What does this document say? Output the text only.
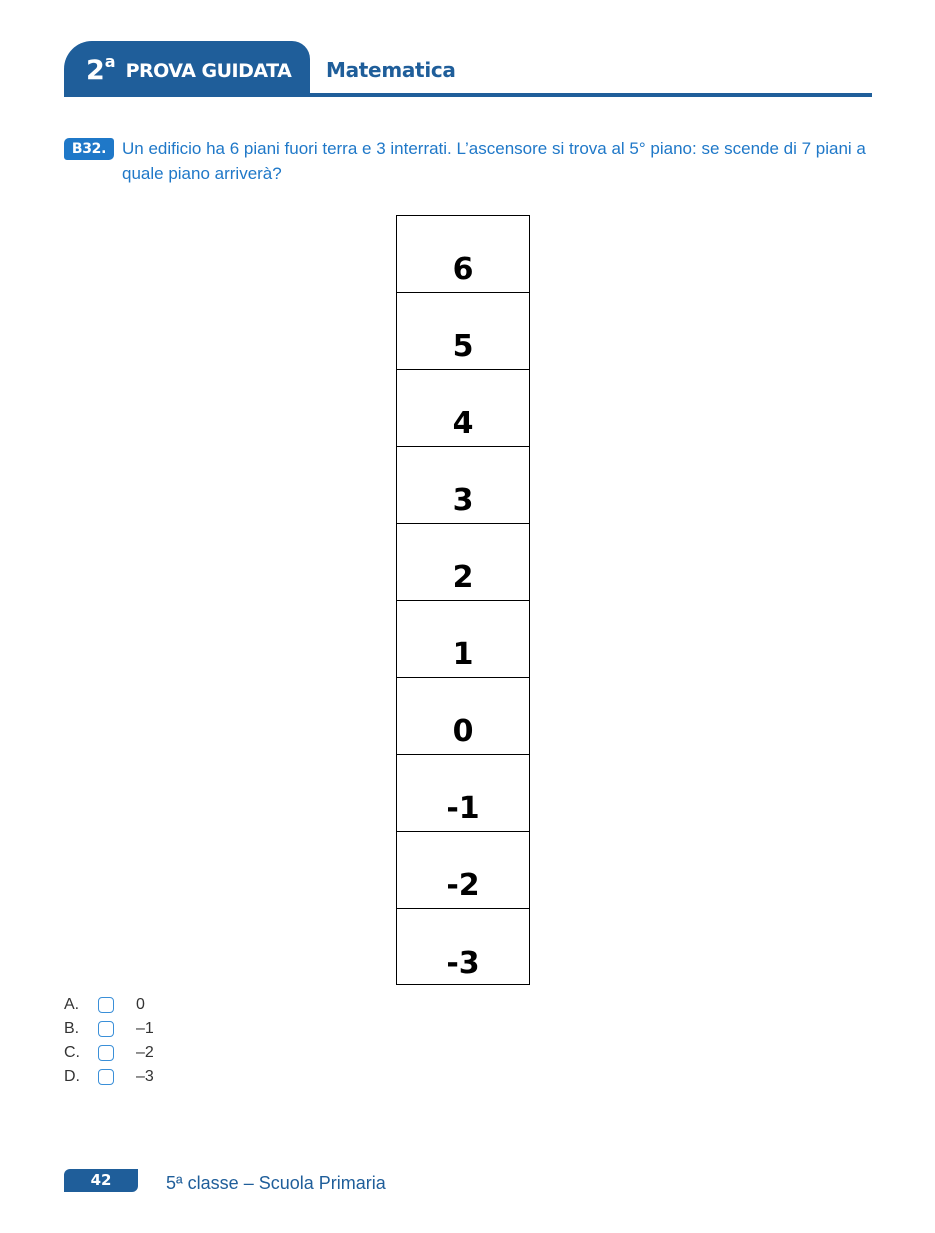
2$^a$ PROVA GUIDATA Matematica
B32. Un edificio ha 6 piani fuori terra e 3 interrati. L’ascensore si trova al 5° piano: se scende di 7 piani a quale piano arriverà?
6
5
4
3
2
1
0
-1
-2
-3
A.	0
B.	–1
C.	–2
D.	–3
42	5ª classe – Scuola Primaria
